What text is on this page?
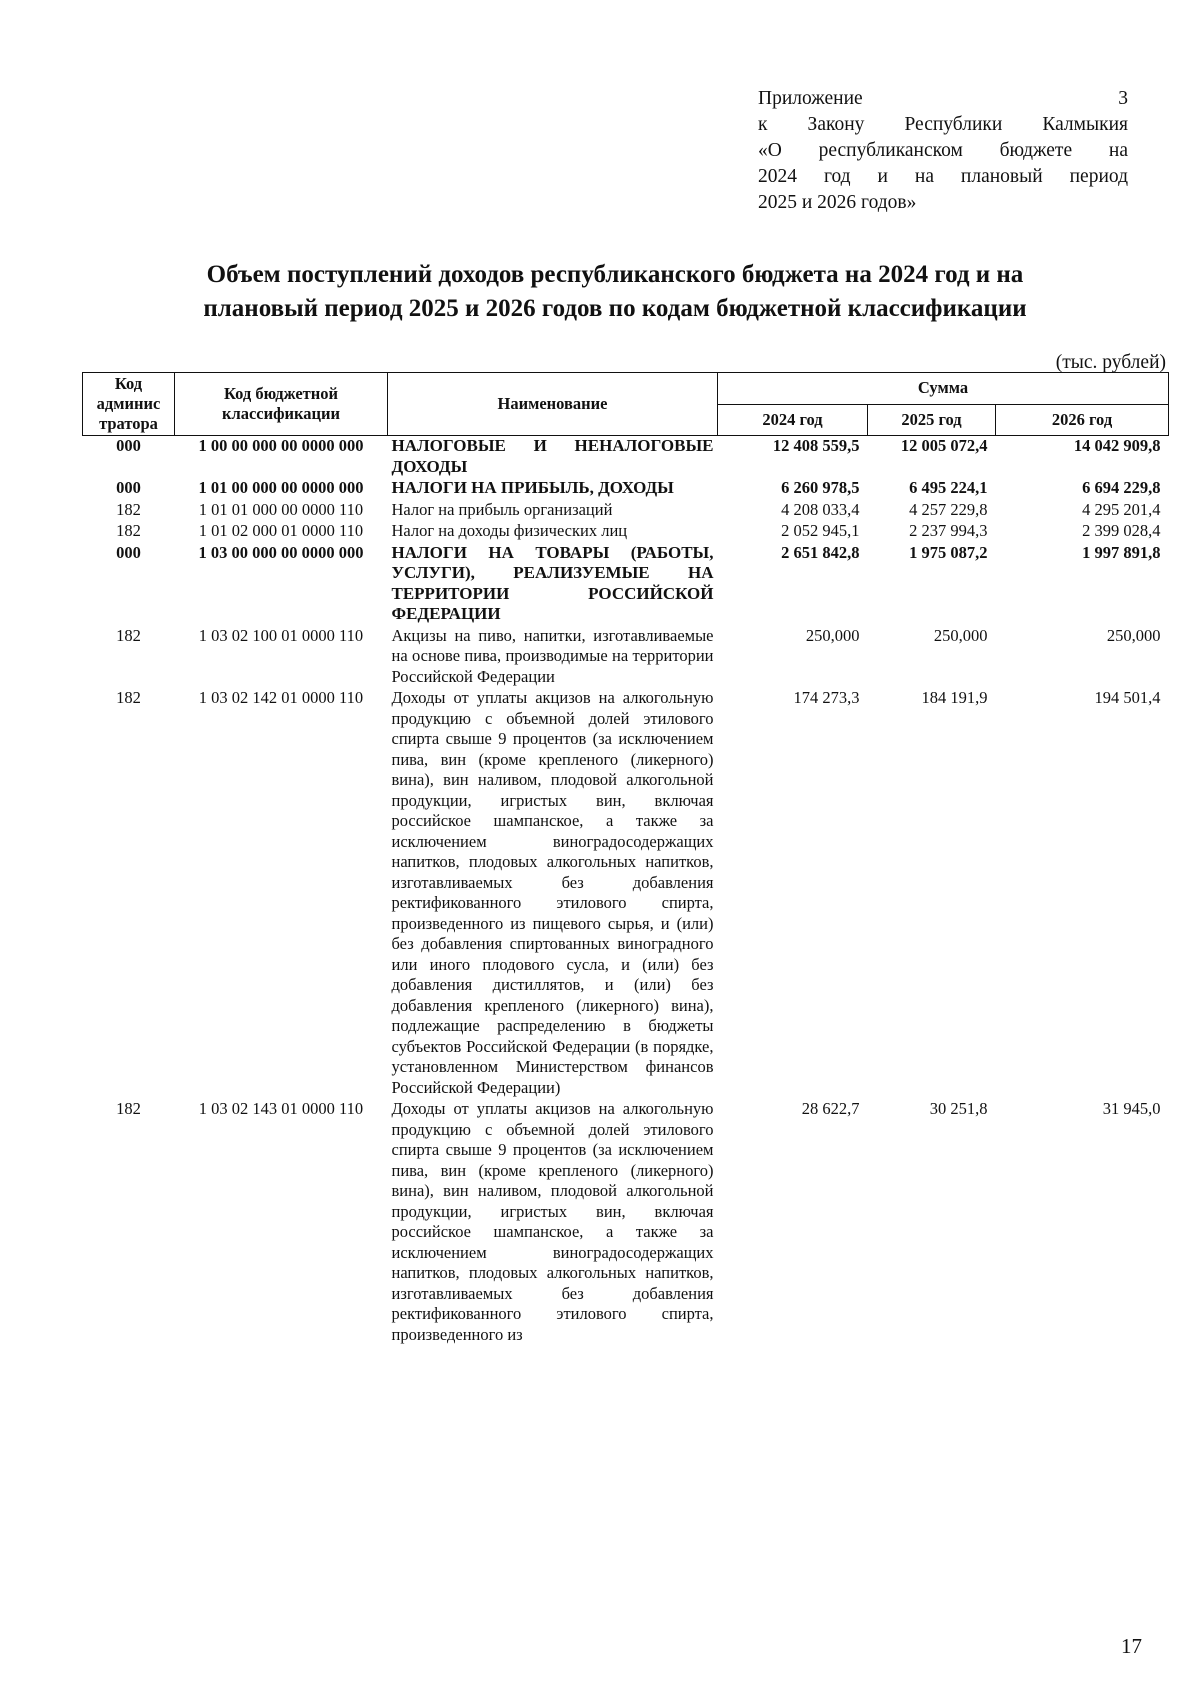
Приложение 3
к Закону Республики Калмыкия
«О республиканском бюджете на
2024 год и на плановый период
2025 и 2026 годов»
Объем поступлений доходов республиканского бюджета на 2024 год и на
плановый период 2025 и 2026 годов по кодам бюджетной классификации
(тыс. рублей)
Код админис тратора	Код бюджетной классификации	Наименование	Сумма		
			2024 год	2025 год	2026 год
000	1 00 00 000 00 0000 000	НАЛОГОВЫЕ И НЕНАЛОГОВЫЕ ДОХОДЫ	12 408 559,5	12 005 072,4	14 042 909,8
000	1 01 00 000 00 0000 000	НАЛОГИ НА ПРИБЫЛЬ, ДОХОДЫ	6 260 978,5	6 495 224,1	6 694 229,8
182	1 01 01 000 00 0000 110	Налог на прибыль организаций	4 208 033,4	4 257 229,8	4 295 201,4
182	1 01 02 000 01 0000 110	Налог на доходы физических лиц	2 052 945,1	2 237 994,3	2 399 028,4
000	1 03 00 000 00 0000 000	НАЛОГИ НА ТОВАРЫ (РАБОТЫ, УСЛУГИ), РЕАЛИЗУЕМЫЕ НА ТЕРРИТОРИИ РОССИЙСКОЙ ФЕДЕРАЦИИ	2 651 842,8	1 975 087,2	1 997 891,8
182	1 03 02 100 01 0000 110	Акцизы на пиво, напитки, изготавливаемые на основе пива, производимые на территории Российской Федерации	250,000	250,000	250,000
182	1 03 02 142 01 0000 110	Доходы от уплаты акцизов на алкогольную продукцию с объемной долей этилового спирта свыше 9 процентов (за исключением пива, вин (кроме крепленого (ликерного) вина), вин наливом, плодовой алкогольной продукции, игристых вин, включая российское шампанское, а также за исключением виноградосодержащих напитков, плодовых алкогольных напитков, изготавливаемых без добавления ректификованного этилового спирта, произведенного из пищевого сырья, и (или) без добавления спиртованных виноградного или иного плодового сусла, и (или) без добавления дистиллятов, и (или) без добавления крепленого (ликерного) вина), подлежащие распределению в бюджеты субъектов Российской Федерации (в порядке, установленном Министерством финансов Российской Федерации)	174 273,3	184 191,9	194 501,4
182	1 03 02 143 01 0000 110	Доходы от уплаты акцизов на алкогольную продукцию с объемной долей этилового спирта свыше 9 процентов (за исключением пива, вин (кроме крепленого (ликерного) вина), вин наливом, плодовой алкогольной продукции, игристых вин, включая российское шампанское, а также за исключением виноградосодержащих напитков, плодовых алкогольных напитков, изготавливаемых без добавления ректификованного этилового спирта, произведенного из	28 622,7	30 251,8	31 945,0
17
